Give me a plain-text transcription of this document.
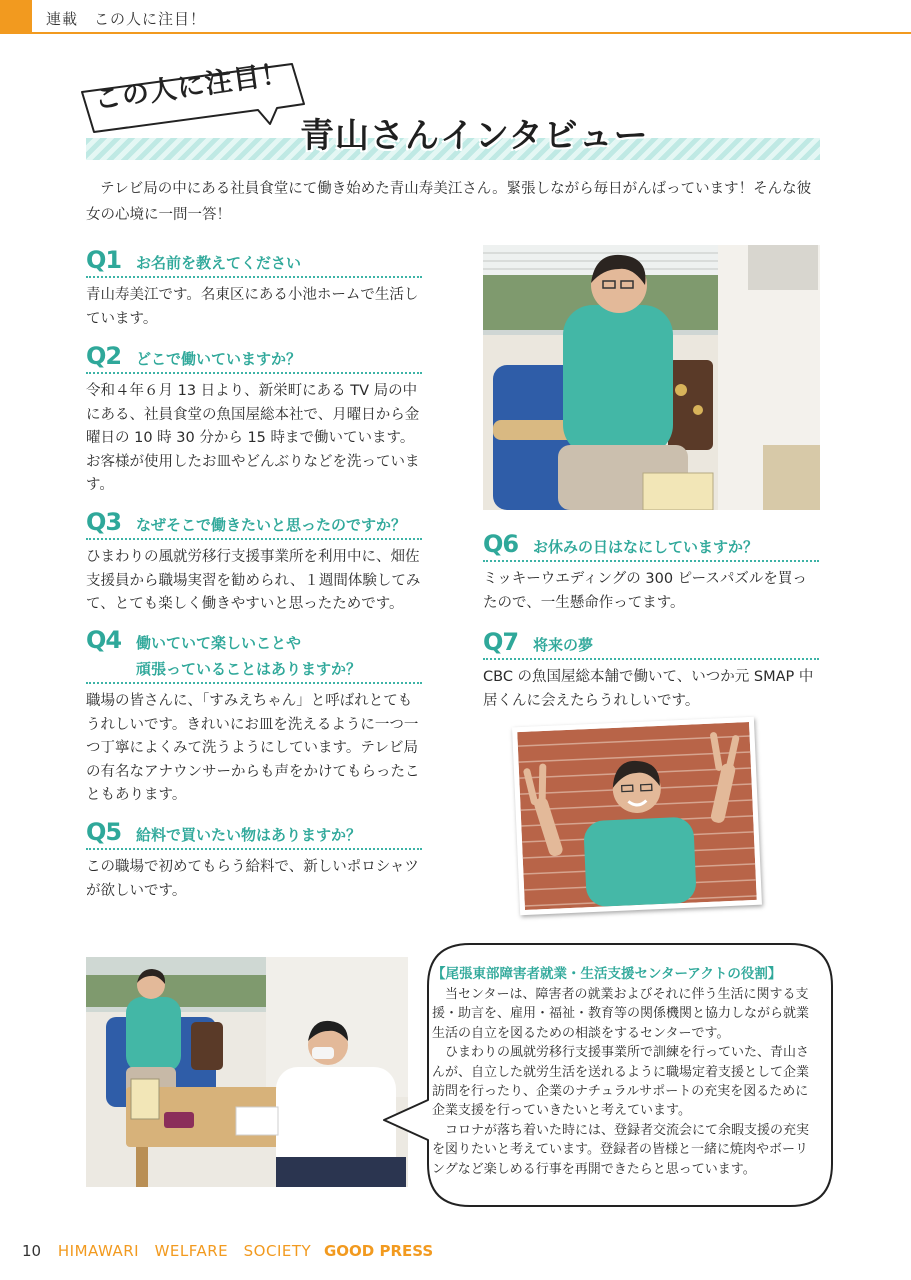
連載　この人に注目！
この人に注目！
青山さんインタビュー

テレビ局の中にある社員食堂にて働き始めた青山寿美江さん。緊張しながら毎日がんばっています！そんな彼女の心境に一問一答！

Q1 お名前を教えてください

青山寿美江です。名東区にある小池ホームで生活しています。

Q2 どこで働いていますか？

令和４年６月 13 日より、新栄町にある TV 局の中にある、社員食堂の魚国屋総本社で、月曜日から金曜日の 10 時 30 分から 15 時まで働いています。お客様が使用したお皿やどんぶりなどを洗っています。

Q3 なぜそこで働きたいと思ったのですか？

ひまわりの風就労移行支援事業所を利用中に、畑佐支援員から職場実習を勧められ、１週間体験してみて、とても楽しく働きやすいと思ったためです。

Q4 働いていて楽しいことや
頑張っていることはありますか？

職場の皆さんに、「すみえちゃん」と呼ばれとてもうれしいです。きれいにお皿を洗えるように一つ一つ丁寧によくみて洗うようにしています。テレビ局の有名なアナウンサーからも声をかけてもらったこともあります。

Q5 給料で買いたい物はありますか？

この職場で初めてもらう給料で、新しいポロシャツが欲しいです。

Q6 お休みの日はなにしていますか？

ミッキーウエディングの 300 ピースパズルを買ったので、一生懸命作ってます。

Q7 将来の夢

CBC の魚国屋総本舗で働いて、いつか元 SMAP 中居くんに会えたらうれしいです。

【尾張東部障害者就業・生活支援センターアクトの役割】

当センターは、障害者の就業およびそれに伴う生活に関する支援・助言を、雇用・福祉・教育等の関係機関と協力しながら就業生活の自立を図るための相談をするセンターです。

ひまわりの風就労移行支援事業所で訓練を行っていた、青山さんが、自立した就労生活を送れるように職場定着支援として企業訪問を行ったり、企業のナチュラルサポートの充実を図るために企業支援を行っていきたいと考えています。

コロナが落ち着いた時には、登録者交流会にて余暇支援の充実を図りたいと考えています。登録者の皆様と一緒に焼肉やボーリングなど楽しめる行事を再開できたらと思っています。

10 HIMAWARI　WELFARE　SOCIETY GOOD PRESS
